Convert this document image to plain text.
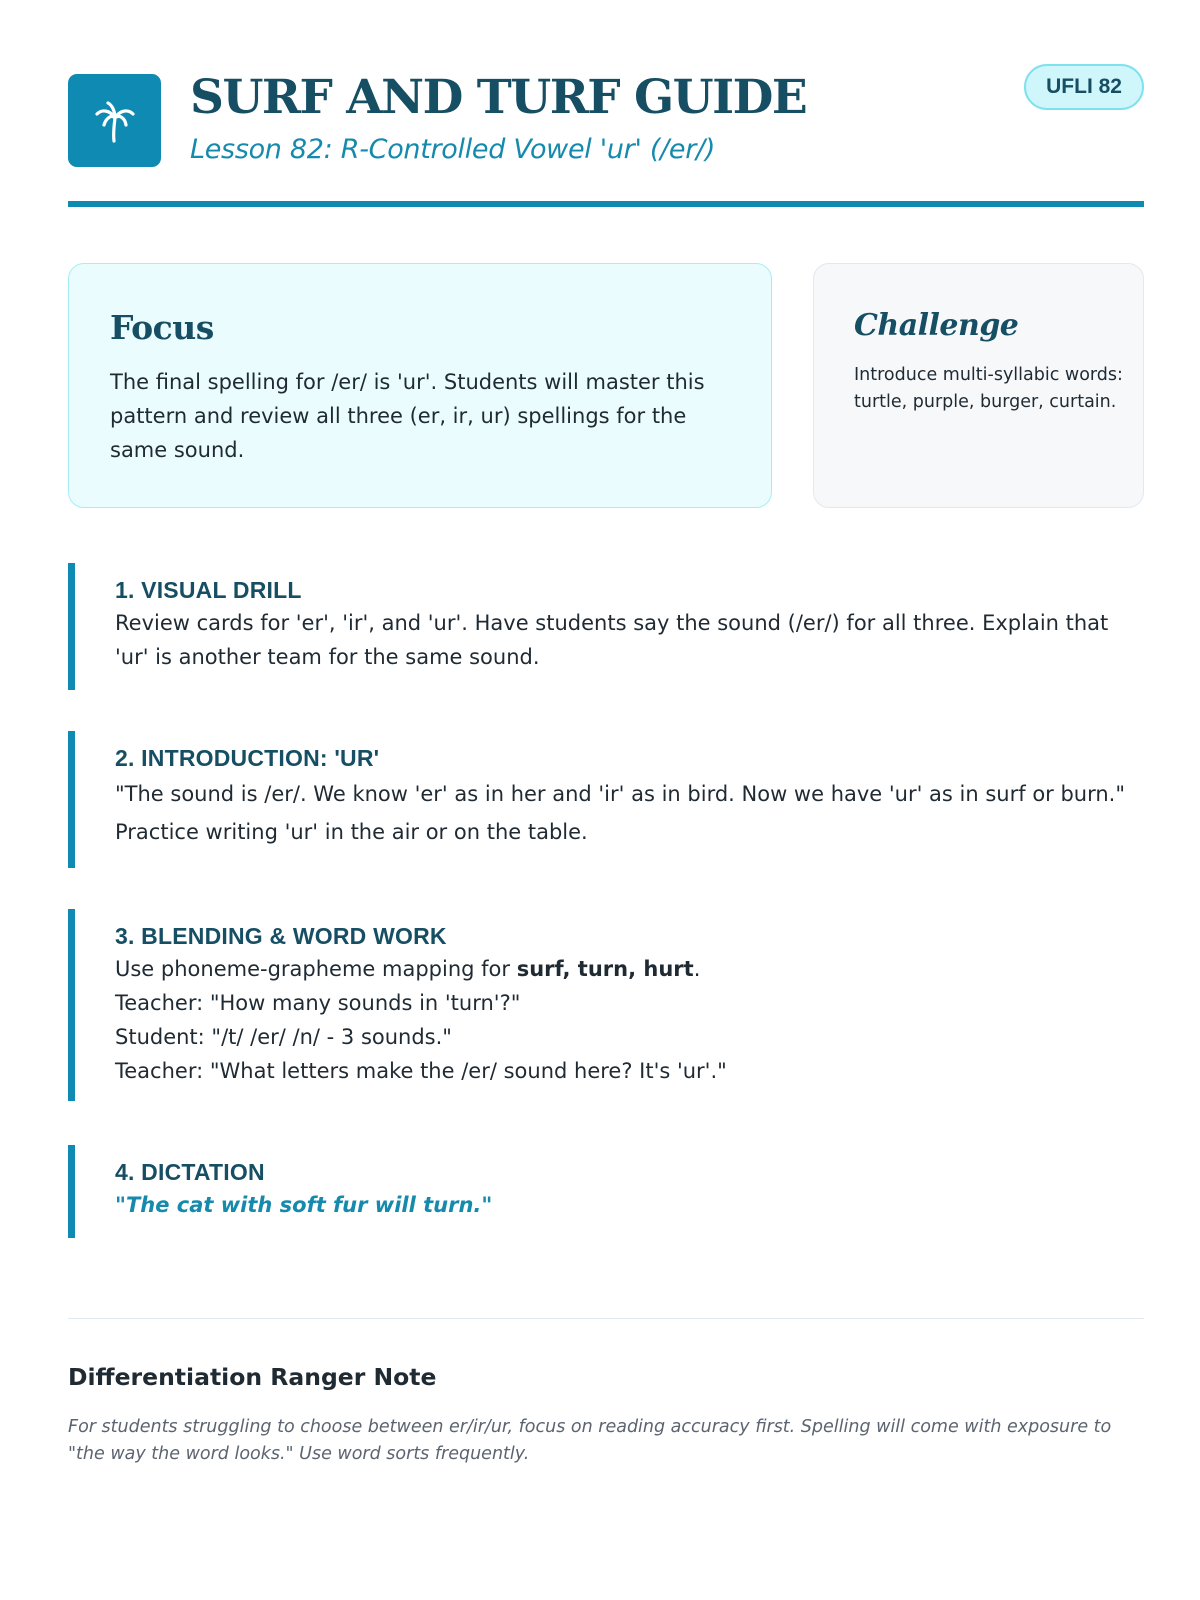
SURF AND TURF GUIDE
Lesson 82: R-Controlled Vowel 'ur' (/er/)
UFLI 82
Focus

The final spelling for /er/ is 'ur'. Students will master this pattern and review all three (er, ir, ur) spellings for the same sound.

Challenge

Introduce multi-syllabic words: turtle, purple, burger, curtain.

1. VISUAL DRILL

Review cards for 'er', 'ir', and 'ur'. Have students say the sound (/er/) for all three. Explain that 'ur' is another team for the same sound.

2. INTRODUCTION: 'UR'

"The sound is /er/. We know 'er' as in her and 'ir' as in bird. Now we have 'ur' as in surf or burn." Practice writing 'ur' in the air or on the table.

3. BLENDING & WORD WORK

Use phoneme-grapheme mapping for surf, turn, hurt.

Teacher: "How many sounds in 'turn'?"

Student: "/t/ /er/ /n/ - 3 sounds."

Teacher: "What letters make the /er/ sound here? It's 'ur'."

4. DICTATION

"The cat with soft fur will turn."

Differentiation Ranger Note

For students struggling to choose between er/ir/ur, focus on reading accuracy first. Spelling will come with exposure to "the way the word looks." Use word sorts frequently.
